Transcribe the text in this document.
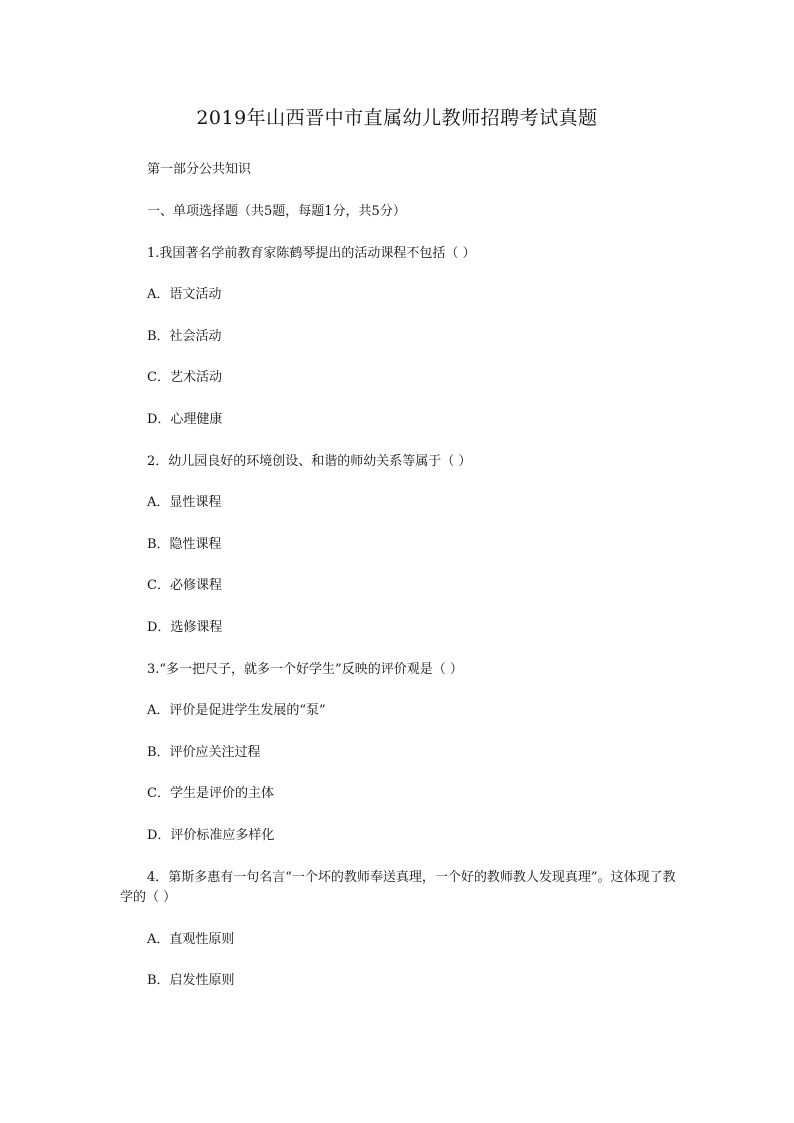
2019年山西晋中市直属幼儿教师招聘考试真题
第一部分公共知识
一、单项选择题（共5题，每题1分，共5分）
1.我国著名学前教育家陈鹤琴提出的活动课程不包括（ ）
A．语文活动
B．社会活动
C．艺术活动
D．心理健康
2．幼儿园良好的环境创设、和谐的师幼关系等属于（ ）
A．显性课程
B．隐性课程
C．必修课程
D．选修课程
3.“多一把尺子，就多一个好学生”反映的评价观是（ ）
A．评价是促进学生发展的“泵”
B．评价应关注过程
C．学生是评价的主体
D．评价标准应多样化
4．第斯多惠有一句名言“一个坏的教师奉送真理，一个好的教师教人发现真理”。这体现了教学的（ ）
A．直观性原则
B．启发性原则
